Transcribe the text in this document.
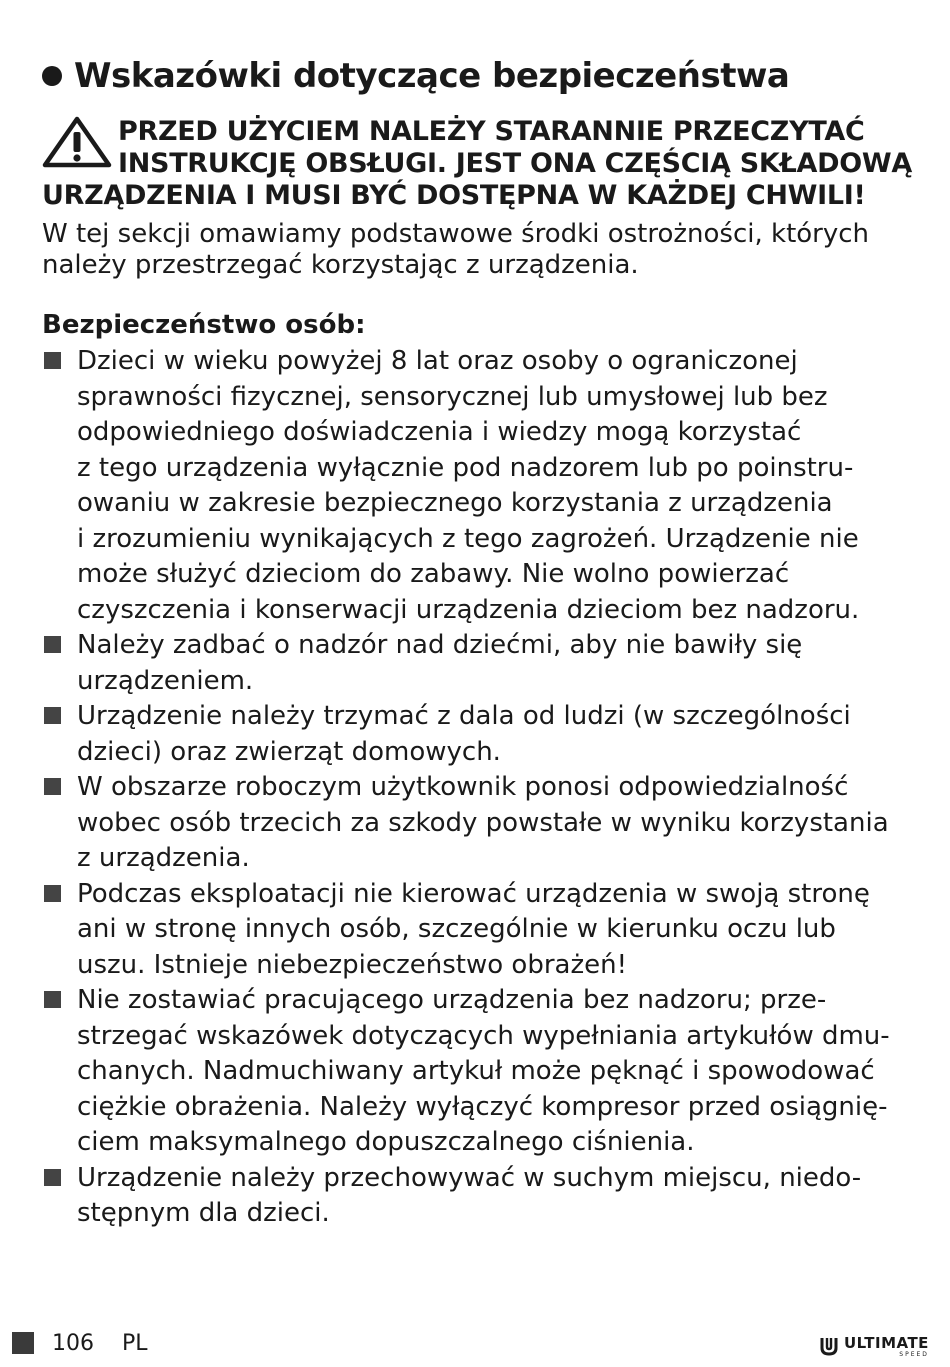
Wskazówki dotyczące bezpieczeństwa
PRZED UŻYCIEM NALEŻY STARANNIE PRZECZYTAĆ
INSTRUKCJĘ OBSŁUGI. JEST ONA CZĘŚCIĄ SKŁADOWĄ
URZĄDZENIA I MUSI BYĆ DOSTĘPNA W KAŻDEJ CHWILI!
W tej sekcji omawiamy podstawowe środki ostrożności, których
należy przestrzegać korzystając z urządzenia.
Bezpieczeństwo osób:
Dzieci w wieku powyżej 8 lat oraz osoby o ograniczonej
sprawności fizycznej, sensorycznej lub umysłowej lub bez
odpowiedniego doświadczenia i wiedzy mogą korzystać
z tego urządzenia wyłącznie pod nadzorem lub po poinstru-
owaniu w zakresie bezpiecznego korzystania z urządzenia
i zrozumieniu wynikających z tego zagrożeń. Urządzenie nie
może służyć dzieciom do zabawy. Nie wolno powierzać
czyszczenia i konserwacji urządzenia dzieciom bez nadzoru.
Należy zadbać o nadzór nad dziećmi, aby nie bawiły się
urządzeniem.
Urządzenie należy trzymać z dala od ludzi (w szczególności
dzieci) oraz zwierząt domowych.
W obszarze roboczym użytkownik ponosi odpowiedzialność
wobec osób trzecich za szkody powstałe w wyniku korzystania
z urządzenia.
Podczas eksploatacji nie kierować urządzenia w swoją stronę
ani w stronę innych osób, szczególnie w kierunku oczu lub
uszu. Istnieje niebezpieczeństwo obrażeń!
Nie zostawiać pracującego urządzenia bez nadzoru; prze-
strzegać wskazówek dotyczących wypełniania artykułów dmu-
chanych. Nadmuchiwany artykuł może pęknąć i spowodować
ciężkie obrażenia. Należy wyłączyć kompresor przed osiągnię-
ciem maksymalnego dopuszczalnego ciśnienia.
Urządzenie należy przechowywać w suchym miejscu, niedo-
stępnym dla dzieci.
106 PL	ULTIMATE
SPEED
